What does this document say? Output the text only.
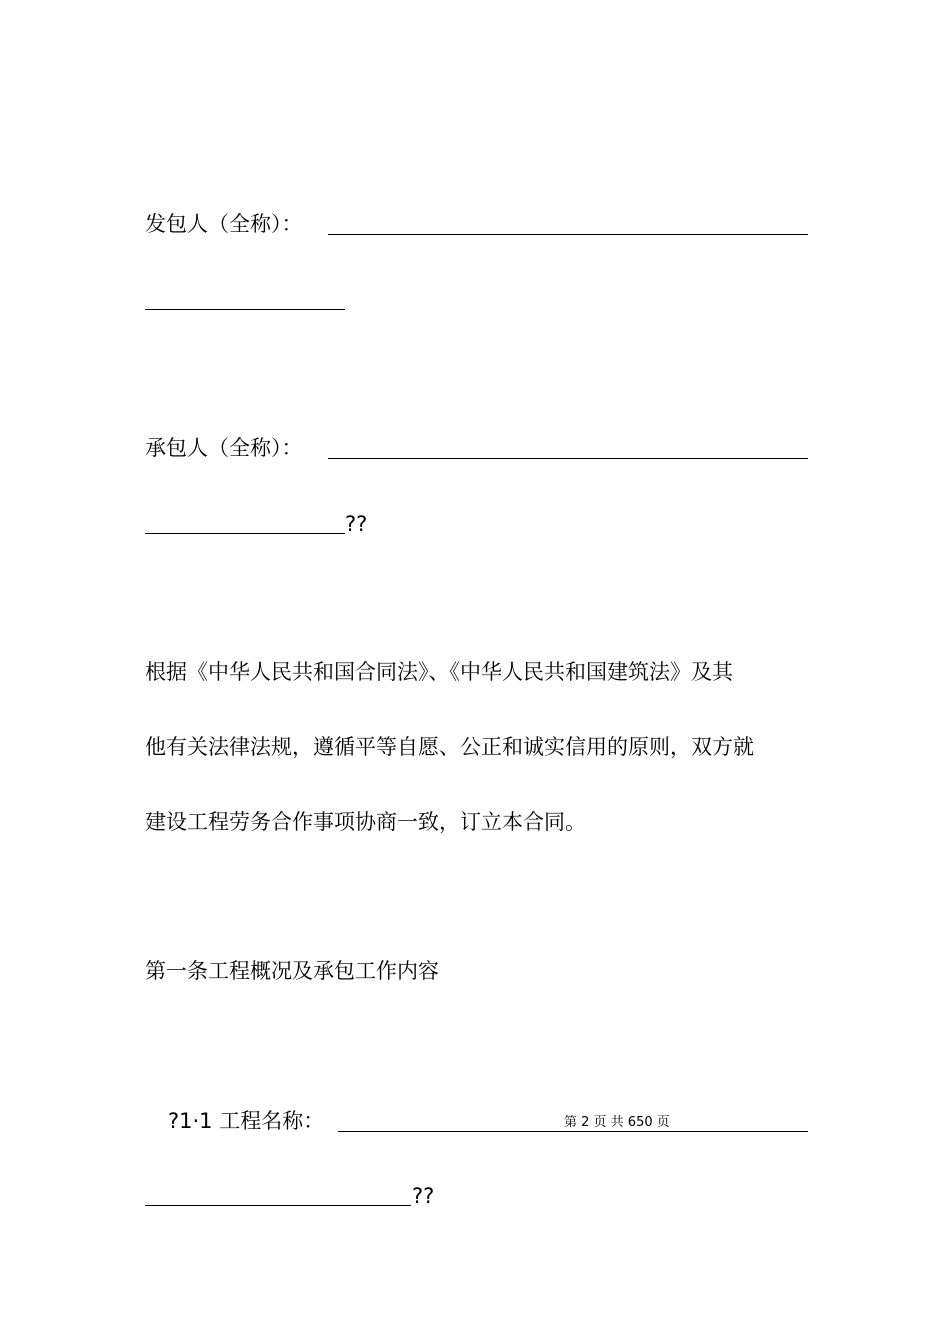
发包人（全称）：
承包人（全称）：
??
根据《中华人民共和国合同法》、《中华人民共和国建筑法》及其
他有关法律法规，遵循平等自愿、公正和诚实信用的原则，双方就
建设工程劳务合作事项协商一致，订立本合同。
第一条工程概况及承包工作内容
?1·1 工程名称：
??
第 2 页 共 650 页
